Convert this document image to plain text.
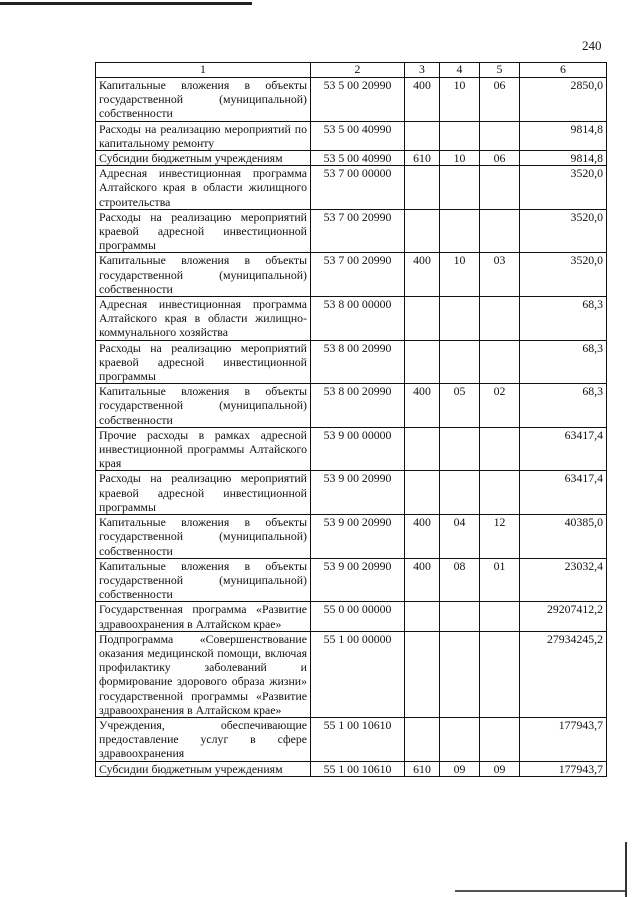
240
1	2	3	4	5	6
Капитальные вложения в объекты государственной (муниципальной) собственности	53 5 00 20990	400	10	06	2850,0
Расходы на реализацию мероприятий по капитальному ремонту	53 5 00 40990				9814,8
Субсидии бюджетным учреждениям	53 5 00 40990	610	10	06	9814,8
Адресная инвестиционная программа Алтайского края в области жилищного строительства	53 7 00 00000				3520,0
Расходы на реализацию мероприятий краевой адресной инвестиционной программы	53 7 00 20990				3520,0
Капитальные вложения в объекты государственной (муниципальной) собственности	53 7 00 20990	400	10	03	3520,0
Адресная инвестиционная программа Алтайского края в области жилищно-коммунального хозяйства	53 8 00 00000				68,3
Расходы на реализацию мероприятий краевой адресной инвестиционной программы	53 8 00 20990				68,3
Капитальные вложения в объекты государственной (муниципальной) собственности	53 8 00 20990	400	05	02	68,3
Прочие расходы в рамках адресной инвестиционной программы Алтайского края	53 9 00 00000				63417,4
Расходы на реализацию мероприятий краевой адресной инвестиционной программы	53 9 00 20990				63417,4
Капитальные вложения в объекты государственной (муниципальной) собственности	53 9 00 20990	400	04	12	40385,0
Капитальные вложения в объекты государственной (муниципальной) собственности	53 9 00 20990	400	08	01	23032,4
Государственная программа «Развитие здравоохранения в Алтайском крае»	55 0 00 00000				29207412,2
Подпрограмма «Совершенствование оказания медицинской помощи, включая профилактику заболеваний и формирование здорового образа жизни» государственной программы «Развитие здравоохранения в Алтайском крае»	55 1 00 00000				27934245,2
Учреждения, обеспечивающие предоставление услуг в сфере здравоохранения	55 1 00 10610				177943,7
Субсидии бюджетным учреждениям	55 1 00 10610	610	09	09	177943,7
